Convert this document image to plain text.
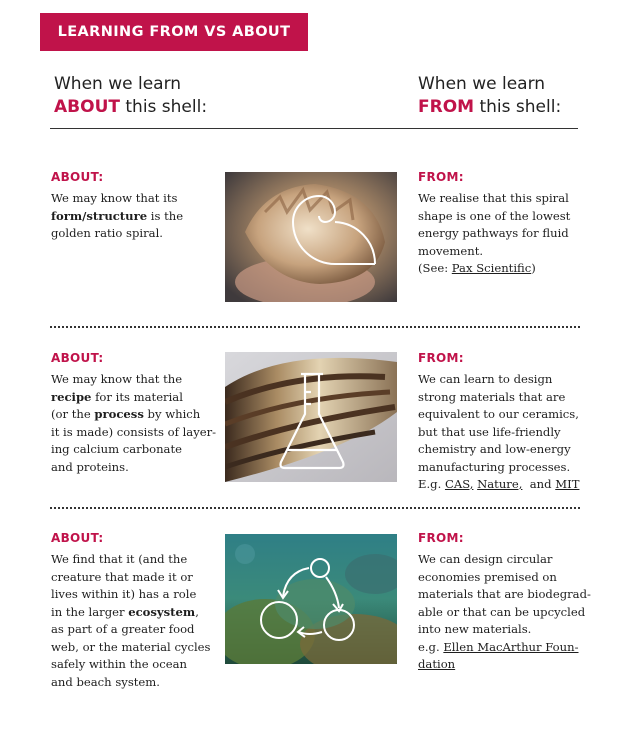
LEARNING FROM VS ABOUT
When we learn
ABOUT this shell:
When we learn
FROM this shell:
ABOUT:
We may know that its
form/structure is the
golden ratio spiral.
FROM:
We realise that this spiral
shape is one of the lowest
energy pathways for fluid
movement.
(See: Pax Scientific)
ABOUT:
We may know that the
recipe for its material
(or the process by which
it is made) consists of layer-
ing calcium carbonate
and proteins.
FROM:
We can learn to design
strong materials that are
equivalent to our ceramics,
but that use life-friendly
chemistry and low-energy
manufacturing processes.
E.g. CAS, Nature,  and MIT
ABOUT:
We find that it (and the
creature that made it or
lives within it) has a role
in the larger ecosystem,
as part of a greater food
web, or the material cycles
safely within the ocean
and beach system.
FROM:
We can design circular
economies premised on
materials that are biodegrad-
able or that can be upcycled
into new materials.
e.g. Ellen MacArthur Foun-
dation
